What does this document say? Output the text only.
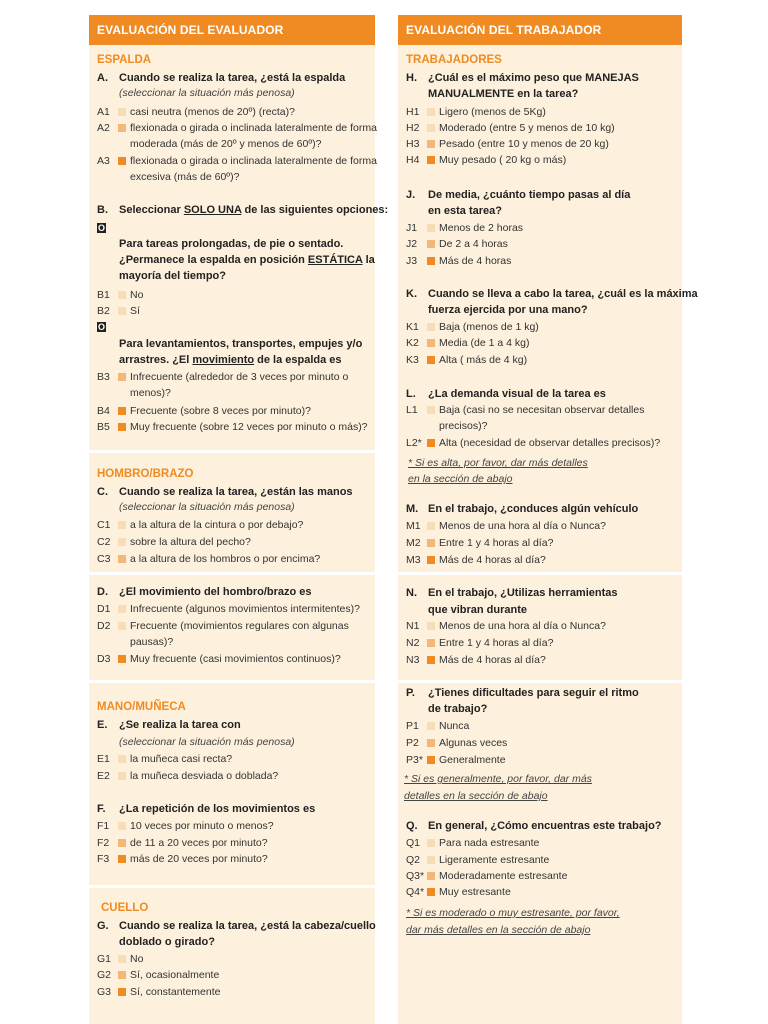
EVALUACIÓN DEL EVALUADOR
ESPALDA
A. Cuando se realiza la tarea, ¿está la espalda
(seleccionar la situación más penosa)
A1 casi neutra (menos de 20º) (recta)?
A2 flexionada o girada o inclinada lateralmente de forma
moderada (más de 20º y menos de 60º)?
A3 flexionada o girada o inclinada lateralmente de forma
excesiva (más de 60º)?
B. Seleccionar SOLO UNA de las siguientes opciones:
O
Para tareas prolongadas, de pie o sentado.
¿Permanece la espalda en posición ESTÁTICA la
mayoría del tiempo?
B1 No
B2 Sí
O
Para levantamientos, transportes, empujes y/o
arrastres. ¿El movimiento de la espalda es
B3 Infrecuente (alrededor de 3 veces por minuto o
menos)?
B4 Frecuente (sobre 8 veces por minuto)?
B5 Muy frecuente (sobre 12 veces por minuto o más)?
HOMBRO/BRAZO
C. Cuando se realiza la tarea, ¿están las manos
(seleccionar la situación más penosa)
C1 a la altura de la cintura o por debajo?
C2 sobre la altura del pecho?
C3 a la altura de los hombros o por encima?
D. ¿El movimiento del hombro/brazo es
D1 Infrecuente (algunos movimientos intermitentes)?
D2 Frecuente (movimientos regulares con algunas
pausas)?
D3 Muy frecuente (casi movimientos continuos)?
MANO/MUÑECA
E. ¿Se realiza la tarea con
(seleccionar la situación más penosa)
E1 la muñeca casi recta?
E2 la muñeca desviada o doblada?
F. ¿La repetición de los movimientos es
F1 10 veces por minuto o menos?
F2 de 11 a 20 veces por minuto?
F3 más de 20 veces por minuto?
CUELLO
G. Cuando se realiza la tarea, ¿está la cabeza/cuello
doblado o girado?
G1 No
G2 Sí, ocasionalmente
G3 Sí, constantemente
EVALUACIÓN DEL TRABAJADOR
TRABAJADORES
H. ¿Cuál es el máximo peso que MANEJAS
MANUALMENTE en la tarea?
H1 Ligero (menos de 5Kg)
H2 Moderado (entre 5 y menos de 10 kg)
H3 Pesado (entre 10 y menos de 20 kg)
H4 Muy pesado ( 20 kg o más)
J. De media, ¿cuánto tiempo pasas al día
en esta tarea?
J1 Menos de 2 horas
J2 De 2 a 4 horas
J3 Más de 4 horas
K. Cuando se lleva a cabo la tarea, ¿cuál es la máxima
fuerza ejercida por una mano?
K1 Baja (menos de 1 kg)
K2 Media (de 1 a 4 kg)
K3 Alta ( más de 4 kg)
L. ¿La demanda visual de la tarea es
L1 Baja (casi no se necesitan observar detalles
precisos)?
L2* Alta (necesidad de observar detalles precisos)?
* Si es alta, por favor, dar más detalles
en la sección de abajo
M. En el trabajo, ¿conduces algún vehículo
M1 Menos de una hora al día o Nunca?
M2 Entre 1 y 4 horas al día?
M3 Más de 4 horas al día?
N. En el trabajo, ¿Utilizas herramientas
que vibran durante
N1 Menos de una hora al día o Nunca?
N2 Entre 1 y 4 horas al día?
N3 Más de 4 horas al día?
P. ¿Tienes dificultades para seguir el ritmo
de trabajo?
P1 Nunca
P2 Algunas veces
P3* Generalmente
* Si es generalmente, por favor, dar más
detalles en la sección de abajo
Q. En general, ¿Cómo encuentras este trabajo?
Q1 Para nada estresante
Q2 Ligeramente estresante
Q3* Moderadamente estresante
Q4* Muy estresante
* Si es moderado o muy estresante, por favor,
dar más detalles en la sección de abajo
